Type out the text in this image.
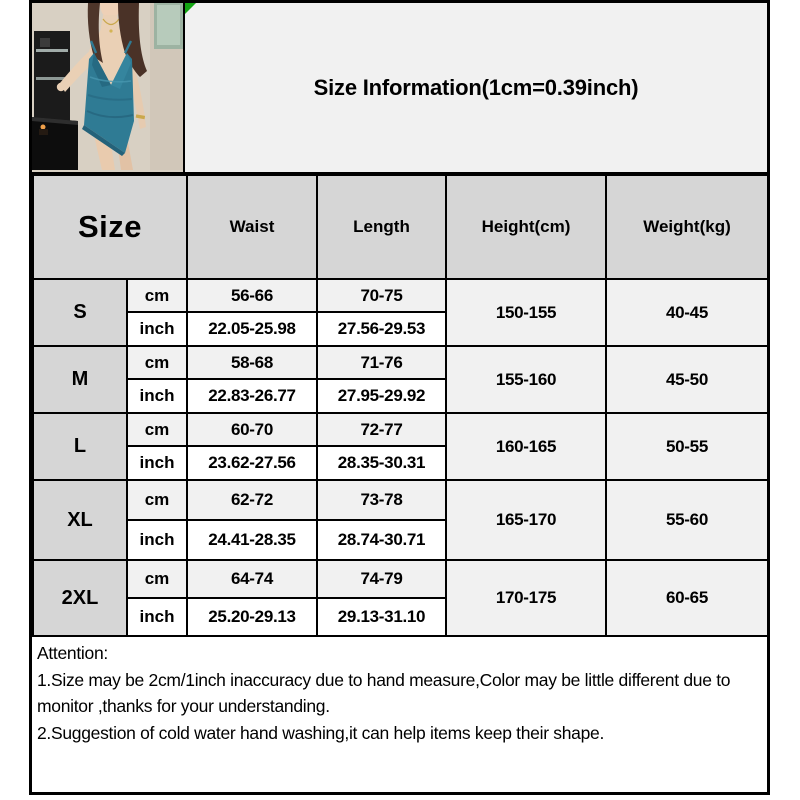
Size Information(1cm=0.39inch)
Size		Waist	Length	Height(cm)	Weight(kg)
S	cm	56-66	70-75	150-155	40-45
	inch	22.05-25.98	27.56-29.53		
M	cm	58-68	71-76	155-160	45-50
	inch	22.83-26.77	27.95-29.92		
L	cm	60-70	72-77	160-165	50-55
	inch	23.62-27.56	28.35-30.31		
XL	cm	62-72	73-78	165-170	55-60
	inch	24.41-28.35	28.74-30.71		
2XL	cm	64-74	74-79	170-175	60-65
	inch	25.20-29.13	29.13-31.10		
Attention:
1.Size may be 2cm/1inch inaccuracy due to hand measure,Color may be little different due to monitor ,thanks for your understanding.
2.Suggestion of cold water hand washing,it can help items keep their shape.
